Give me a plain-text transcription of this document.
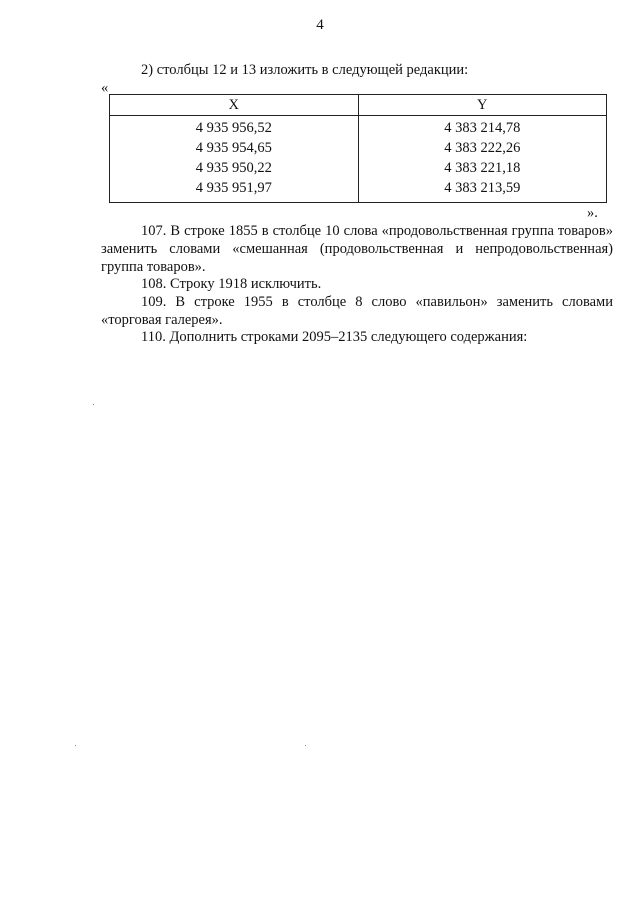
4
2) столбцы 12 и 13 изложить в следующей редакции:
«
X	Y
4 935 956,52	4 383 214,78
4 935 954,65	4 383 222,26
4 935 950,22	4 383 221,18
4 935 951,97	4 383 213,59
».
107. В строке 1855 в столбце 10 слова «продовольственная группа товаров» заменить словами «смешанная (продовольственная и непродовольственная) группа товаров».
108. Строку 1918 исключить.
109. В строке 1955 в столбце 8 слово «павильон» заменить словами «торговая галерея».
110. Дополнить строками 2095–2135 следующего содержания:
